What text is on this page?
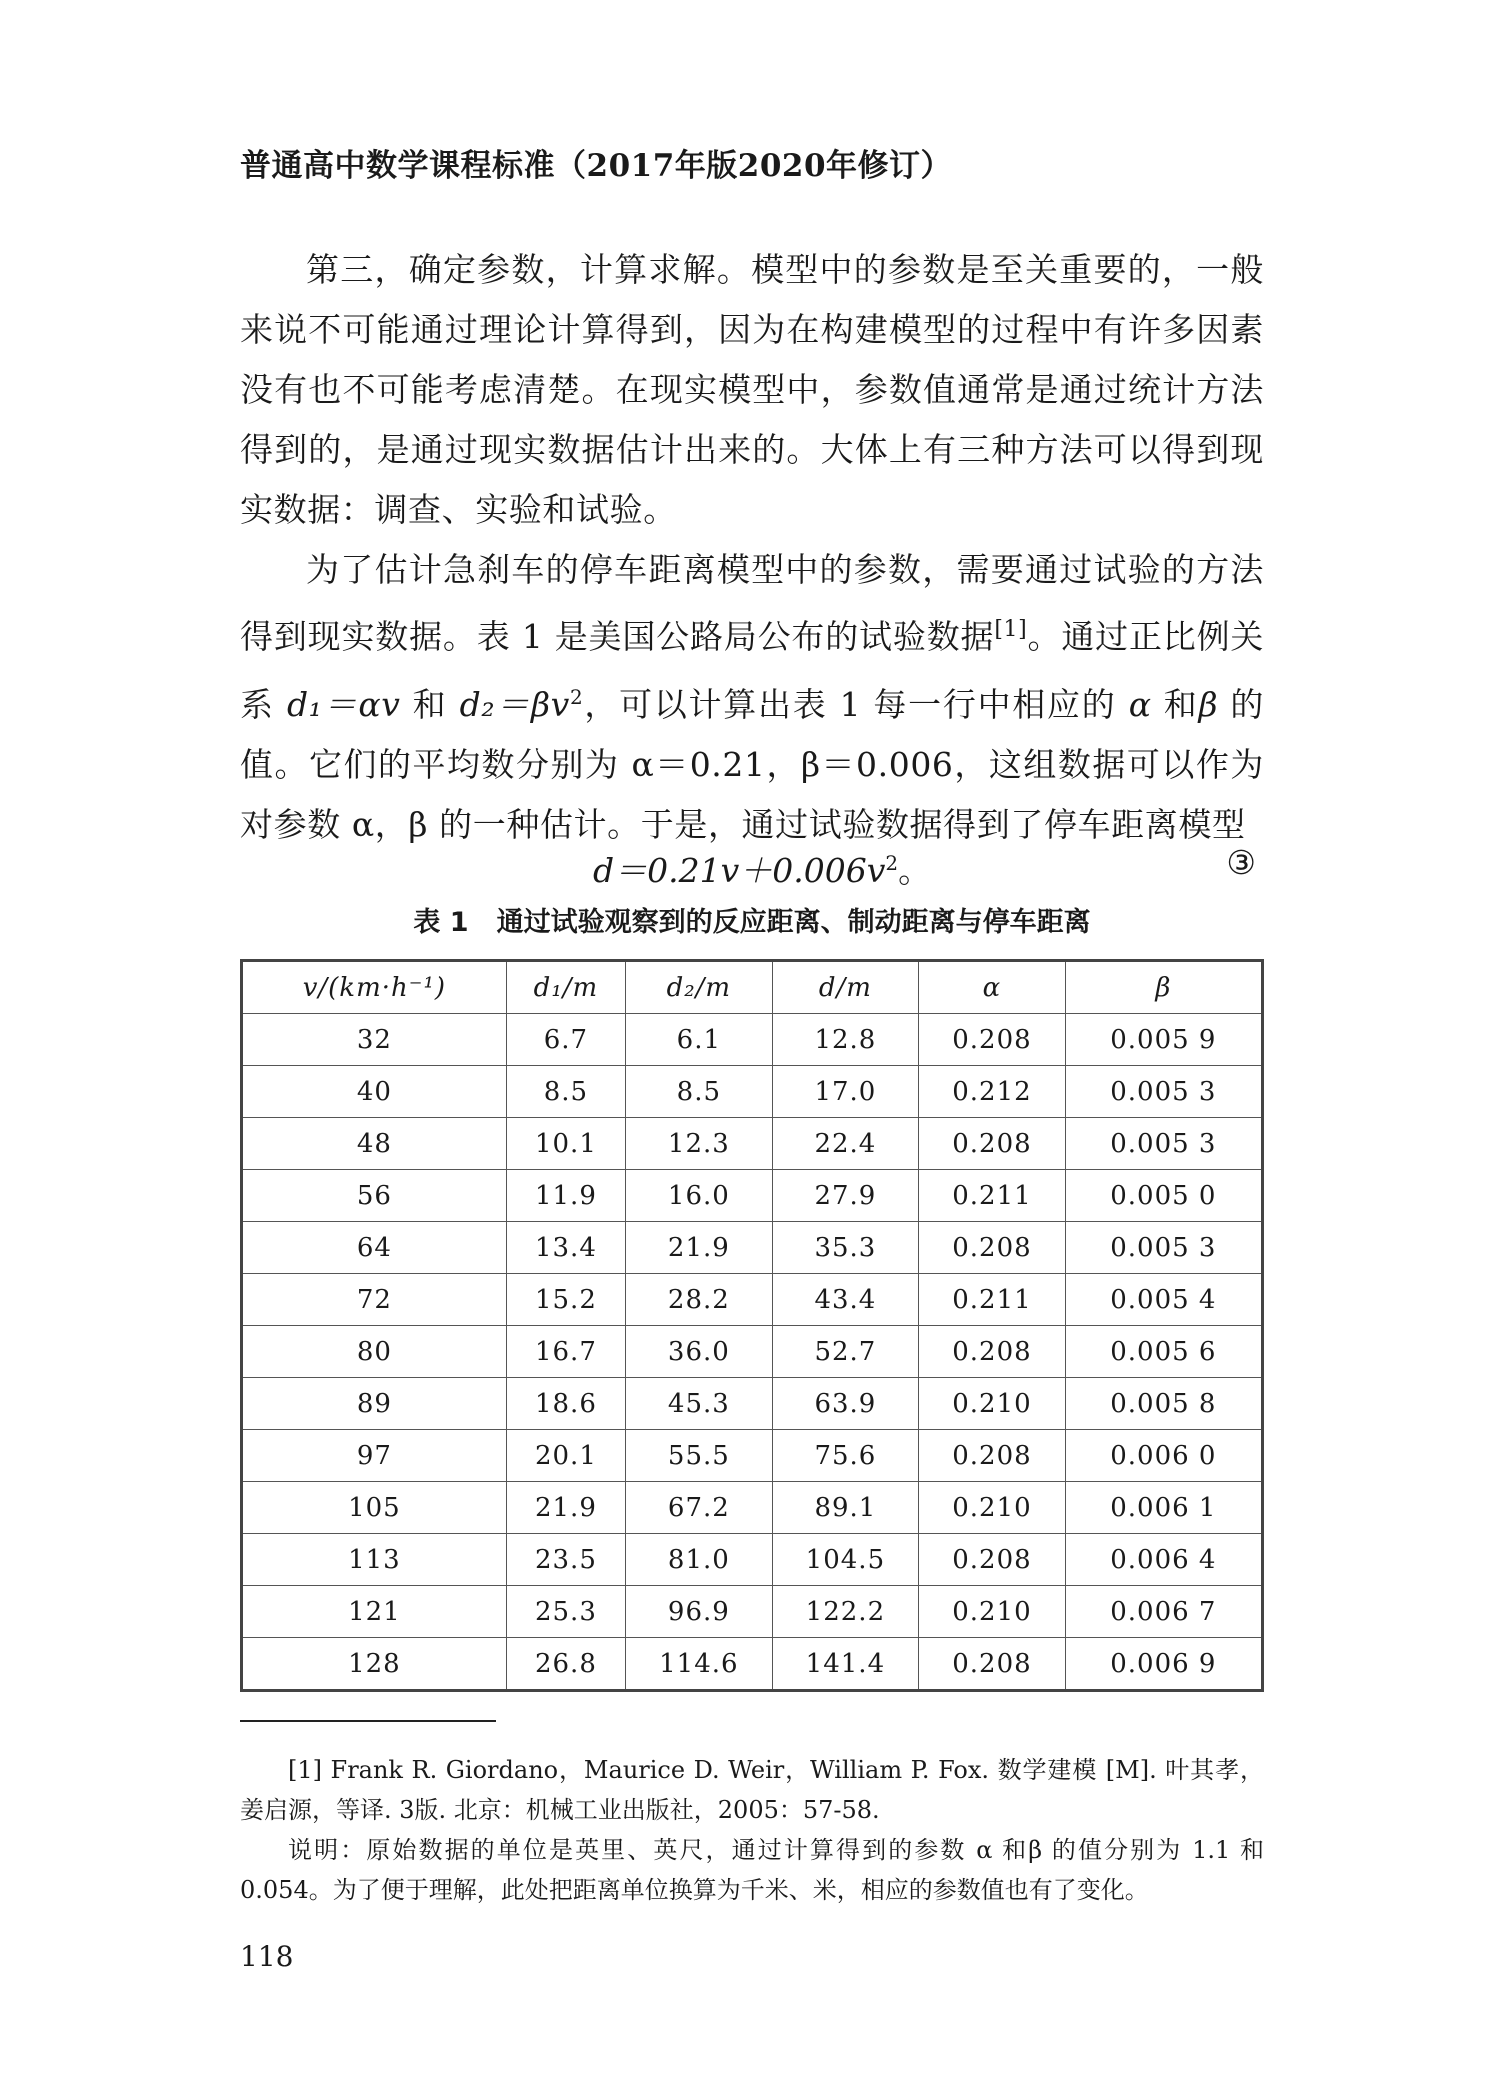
普通高中数学课程标准（2017年版2020年修订）

第三，确定参数，计算求解。模型中的参数是至关重要的，一般来说不可能通过理论计算得到，因为在构建模型的过程中有许多因素没有也不可能考虑清楚。在现实模型中，参数值通常是通过统计方法得到的，是通过现实数据估计出来的。大体上有三种方法可以得到现实数据：调查、实验和试验。

为了估计急刹车的停车距离模型中的参数，需要通过试验的方法得到现实数据。表 1 是美国公路局公布的试验数据[1]。通过正比例关系 d₁＝αv 和 $d_2=\beta v^2$，可以计算出表 1 每一行中相应的 α 和β 的值。它们的平均数分别为 α＝0.21，β＝0.006，这组数据可以作为对参数 α，β 的一种估计。于是，通过试验数据得到了停车距离模型

$d=0.21v+0.006v^2$。	③
表 1 通过试验观察到的反应距离、制动距离与停车距离
v/(km·h⁻¹)	d₁/m	d₂/m	d/m	α	β
32	6.7	6.1	12.8	0.208	0.005 9
40	8.5	8.5	17.0	0.212	0.005 3
48	10.1	12.3	22.4	0.208	0.005 3
56	11.9	16.0	27.9	0.211	0.005 0
64	13.4	21.9	35.3	0.208	0.005 3
72	15.2	28.2	43.4	0.211	0.005 4
80	16.7	36.0	52.7	0.208	0.005 6
89	18.6	45.3	63.9	0.210	0.005 8
97	20.1	55.5	75.6	0.208	0.006 0
105	21.9	67.2	89.1	0.210	0.006 1
113	23.5	81.0	104.5	0.208	0.006 4
121	25.3	96.9	122.2	0.210	0.006 7
128	26.8	114.6	141.4	0.208	0.006 9

[1] Frank R. Giordano，Maurice D. Weir，William P. Fox. 数学建模 [M]. 叶其孝，姜启源，等译. 3版. 北京：机械工业出版社，2005：57-58.

说明：原始数据的单位是英里、英尺，通过计算得到的参数 α 和β 的值分别为 1.1 和 0.054。为了便于理解，此处把距离单位换算为千米、米，相应的参数值也有了变化。

118
